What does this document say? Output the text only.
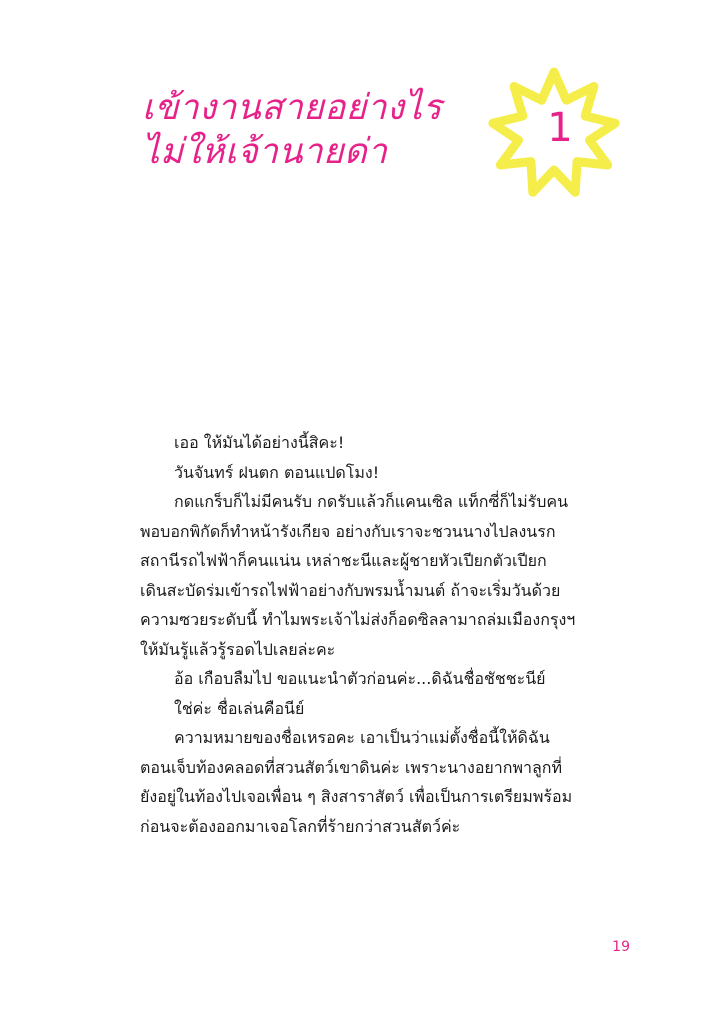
เข้างานสายอย่างไร
ไม่ให้เจ้านายด่า
1
เออ ให้มันได้อย่างนี้สิคะ!
วันจันทร์ ฝนตก ตอนแปดโมง!
กดแกร็บก็ไม่มีคนรับ กดรับแล้วก็แคนเซิล แท็กซี่ก็ไม่รับคน
พอบอกพิกัดก็ทำหน้ารังเกียจ อย่างกับเราจะชวนนางไปลงนรก
สถานีรถไฟฟ้าก็คนแน่น เหล่าชะนีและผู้ชายหัวเปียกตัวเปียก
เดินสะบัดร่มเข้ารถไฟฟ้าอย่างกับพรมน้ำมนต์ ถ้าจะเริ่มวันด้วย
ความซวยระดับนี้ ทำไมพระเจ้าไม่ส่งก็อดซิลลามาถล่มเมืองกรุงฯ
ให้มันรู้แล้วรู้รอดไปเลยล่ะคะ
อ้อ เกือบลืมไป ขอแนะนำตัวก่อนค่ะ...ดิฉันชื่อชัชชะนีย์
ใช่ค่ะ ชื่อเล่นคือนีย์
ความหมายของชื่อเหรอคะ เอาเป็นว่าแม่ตั้งชื่อนี้ให้ดิฉัน
ตอนเจ็บท้องคลอดที่สวนสัตว์เขาดินค่ะ เพราะนางอยากพาลูกที่
ยังอยู่ในท้องไปเจอเพื่อน ๆ สิงสาราสัตว์ เพื่อเป็นการเตรียมพร้อม
ก่อนจะต้องออกมาเจอโลกที่ร้ายกว่าสวนสัตว์ค่ะ
19
